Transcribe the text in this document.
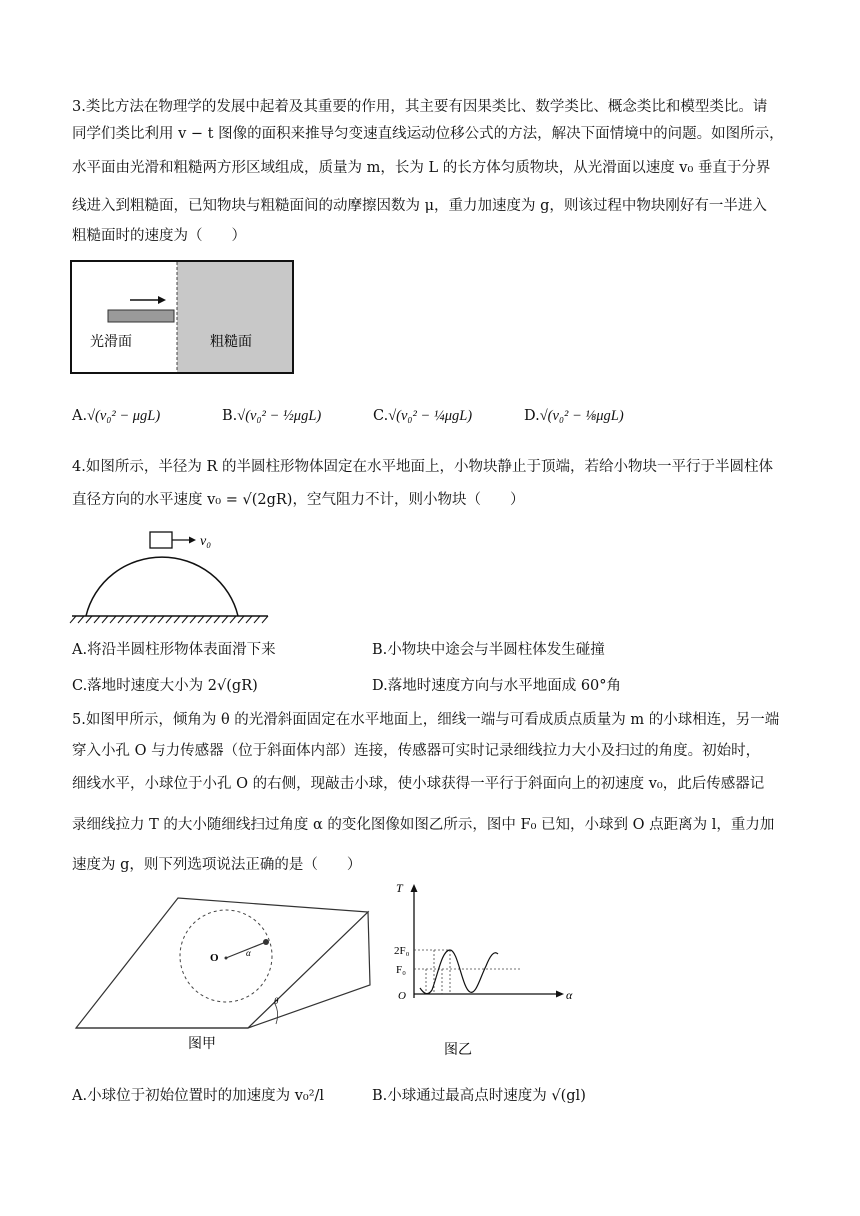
3.类比方法在物理学的发展中起着及其重要的作用，其主要有因果类比、数学类比、概念类比和模型类比。请
同学们类比利用 v − t 图像的面积来推导匀变速直线运动位移公式的方法，解决下面情境中的问题。如图所示，
水平面由光滑和粗糙两方形区域组成，质量为 m，长为 L 的长方体匀质物块，从光滑面以速度 v₀ 垂直于分界
线进入到粗糙面，已知物块与粗糙面间的动摩擦因数为 μ，重力加速度为 g，则该过程中物块刚好有一半进入
粗糙面时的速度为（　　）
光滑面	粗糙面
A.√(v₀² − μgL)	B.√(v₀² − ½μgL)	C.√(v₀² − ¼μgL)	D.√(v₀² − ⅛μgL)
4.如图所示，半径为 R 的半圆柱形物体固定在水平地面上，小物块静止于顶端，若给小物块一平行于半圆柱体
直径方向的水平速度 v₀ = √(2gR)，空气阻力不计，则小物块（　　）
v₀
A.将沿半圆柱形物体表面滑下来	B.小物块中途会与半圆柱体发生碰撞
C.落地时速度大小为 2√(gR)	D.落地时速度方向与水平地面成 60°角
5.如图甲所示，倾角为 θ 的光滑斜面固定在水平地面上，细线一端与可看成质点质量为 m 的小球相连，另一端
穿入小孔 O 与力传感器（位于斜面体内部）连接，传感器可实时记录细线拉力大小及扫过的角度。初始时，
细线水平，小球位于小孔 O 的右侧，现敲击小球，使小球获得一平行于斜面向上的初速度 v₀，此后传感器记
录细线拉力 T 的大小随细线扫过角度 α 的变化图像如图乙所示，图中 F₀ 已知，小球到 O 点距离为 l，重力加
速度为 g，则下列选项说法正确的是（　　）
O	α
θ
图甲
T
α
O
2F₀
F₀
图乙
A.小球位于初始位置时的加速度为 v₀²/l	B.小球通过最高点时速度为 √(gl)
